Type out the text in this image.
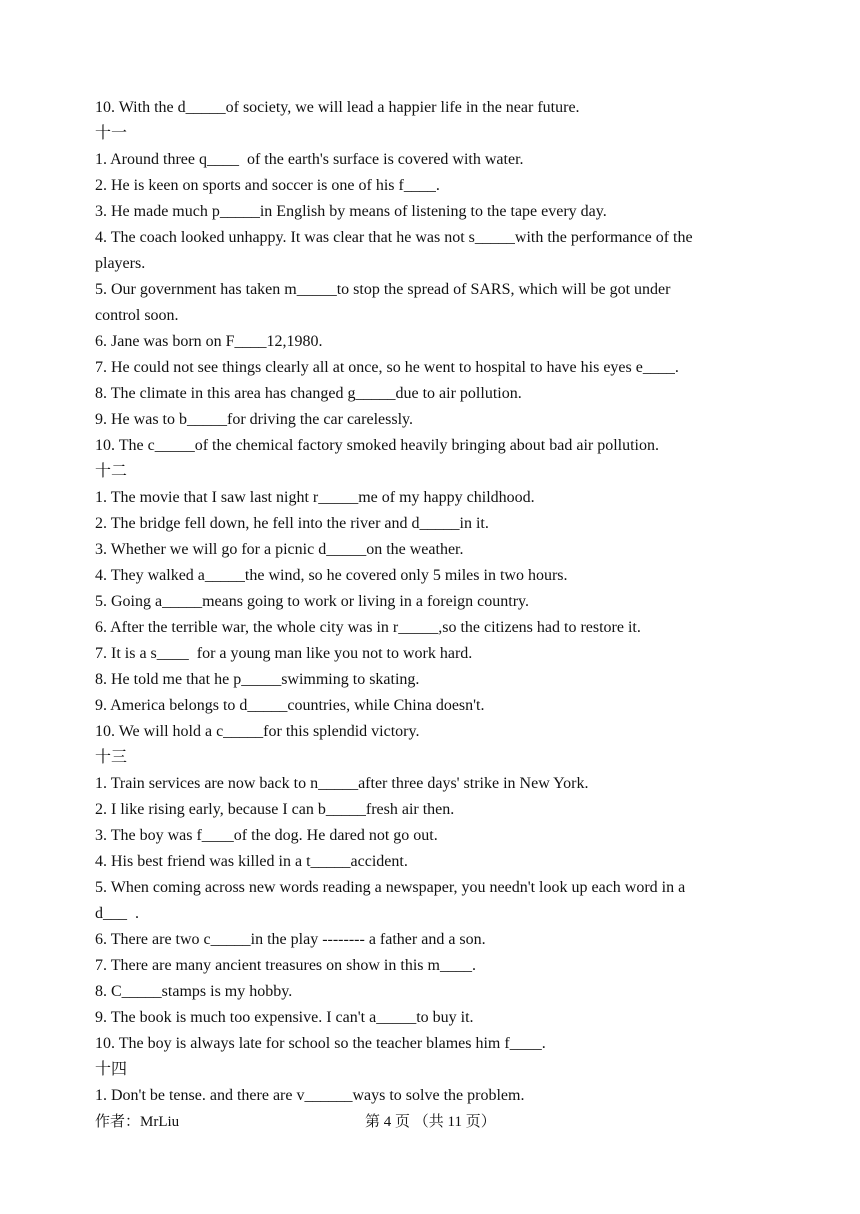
10. With the d_____of society, we will lead a happier life in the near future.
十一
1. Around three q____  of the earth's surface is covered with water.
2. He is keen on sports and soccer is one of his f____.
3. He made much p_____in English by means of listening to the tape every day.
4. The coach looked unhappy. It was clear that he was not s_____with the performance of the
players.
5. Our government has taken m_____to stop the spread of SARS, which will be got under
control soon.
6. Jane was born on F____12,1980.
7. He could not see things clearly all at once, so he went to hospital to have his eyes e____.
8. The climate in this area has changed g_____due to air pollution.
9. He was to b_____for driving the car carelessly.
10. The c_____of the chemical factory smoked heavily bringing about bad air pollution.
十二
1. The movie that I saw last night r_____me of my happy childhood.
2. The bridge fell down, he fell into the river and d_____in it.
3. Whether we will go for a picnic d_____on the weather.
4. They walked a_____the wind, so he covered only 5 miles in two hours.
5. Going a_____means going to work or living in a foreign country.
6. After the terrible war, the whole city was in r_____,so the citizens had to restore it.
7. It is a s____  for a young man like you not to work hard.
8. He told me that he p_____swimming to skating.
9. America belongs to d_____countries, while China doesn't.
10. We will hold a c_____for this splendid victory.
十三
1. Train services are now back to n_____after three days' strike in New York.
2. I like rising early, because I can b_____fresh air then.
3. The boy was f____of the dog. He dared not go out.
4. His best friend was killed in a t_____accident.
5. When coming across new words reading a newspaper, you needn't look up each word in a
d___  .
6. There are two c_____in the play -------- a father and a son.
7. There are many ancient treasures on show in this m____.
8. C_____stamps is my hobby.
9. The book is much too expensive. I can't a_____to buy it.
10. The boy is always late for school so the teacher blames him f____.
十四
1. Don't be tense. and there are v______ways to solve the problem.
作者：MrLiu	第 4 页 （共 11 页）
